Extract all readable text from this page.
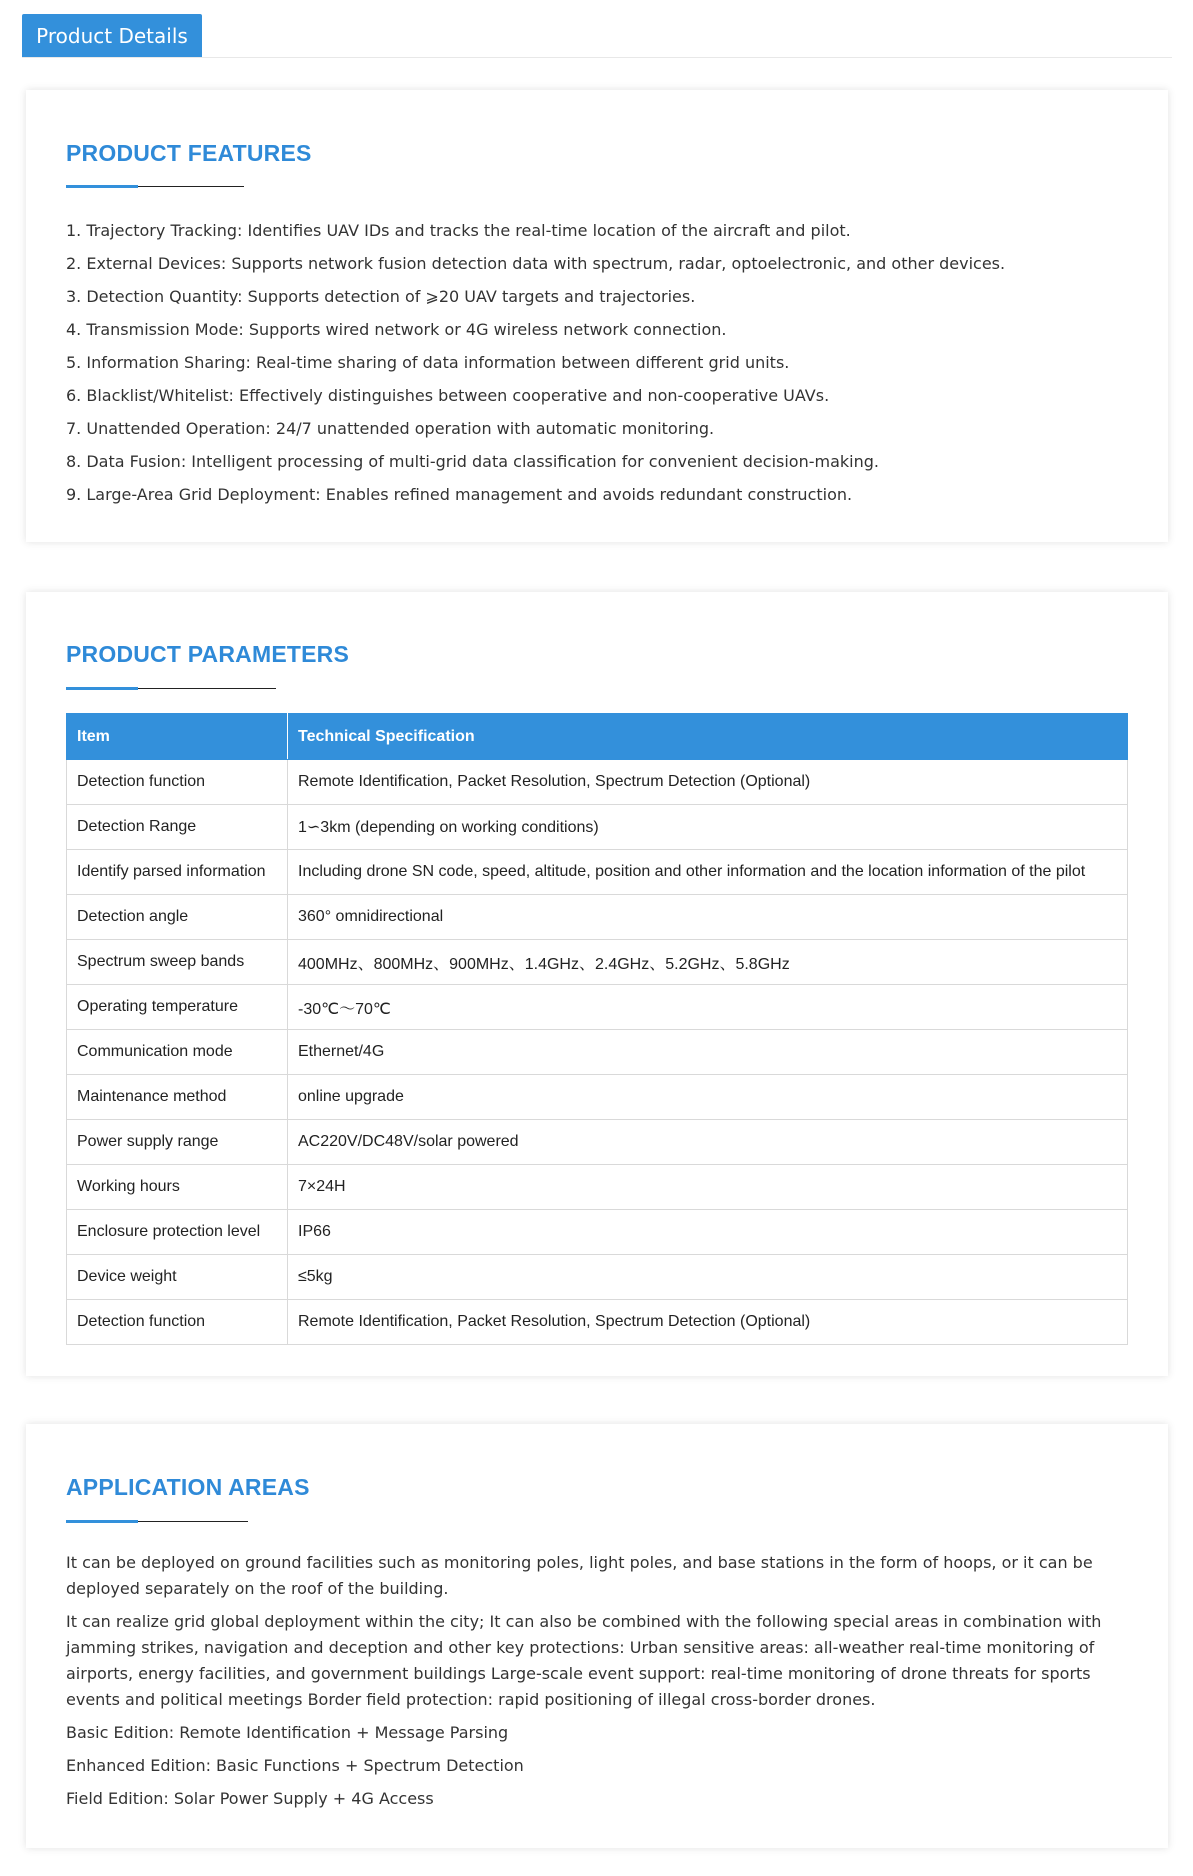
Product Details
PRODUCT FEATURES
1. Trajectory Tracking: Identifies UAV IDs and tracks the real-time location of the aircraft and pilot.
2. External Devices: Supports network fusion detection data with spectrum, radar, optoelectronic, and other devices.
3. Detection Quantity: Supports detection of ⩾20 UAV targets and trajectories.
4. Transmission Mode: Supports wired network or 4G wireless network connection.
5. Information Sharing: Real-time sharing of data information between different grid units.
6. Blacklist/Whitelist: Effectively distinguishes between cooperative and non-cooperative UAVs.
7. Unattended Operation: 24/7 unattended operation with automatic monitoring.
8. Data Fusion: Intelligent processing of multi-grid data classification for convenient decision-making.
9. Large-Area Grid Deployment: Enables refined management and avoids redundant construction.
PRODUCT PARAMETERS
Item	Technical Specification
Detection function	Remote Identification, Packet Resolution, Spectrum Detection (Optional)
Detection Range	1∽3km (depending on working conditions)
Identify parsed information	Including drone SN code, speed, altitude, position and other information and the location information of the pilot
Detection angle	360° omnidirectional
Spectrum sweep bands	400MHz、800MHz、900MHz、1.4GHz、2.4GHz、5.2GHz、5.8GHz
Operating temperature	-30℃～70℃
Communication mode	Ethernet/4G
Maintenance method	online upgrade
Power supply range	AC220V/DC48V/solar powered
Working hours	7×24H
Enclosure protection level	IP66
Device weight	≤5kg
Detection function	Remote Identification, Packet Resolution, Spectrum Detection (Optional)
APPLICATION AREAS

It can be deployed on ground facilities such as monitoring poles, light poles, and base stations in the form of hoops, or it can be deployed separately on the roof of the building.

It can realize grid global deployment within the city; It can also be combined with the following special areas in combination with jamming strikes, navigation and deception and other key protections: Urban sensitive areas: all-weather real-time monitoring of airports, energy facilities, and government buildings Large-scale event support: real-time monitoring of drone threats for sports events and political meetings Border field protection: rapid positioning of illegal cross-border drones.

Basic Edition: Remote Identification + Message Parsing

Enhanced Edition: Basic Functions + Spectrum Detection

Field Edition: Solar Power Supply + 4G Access
